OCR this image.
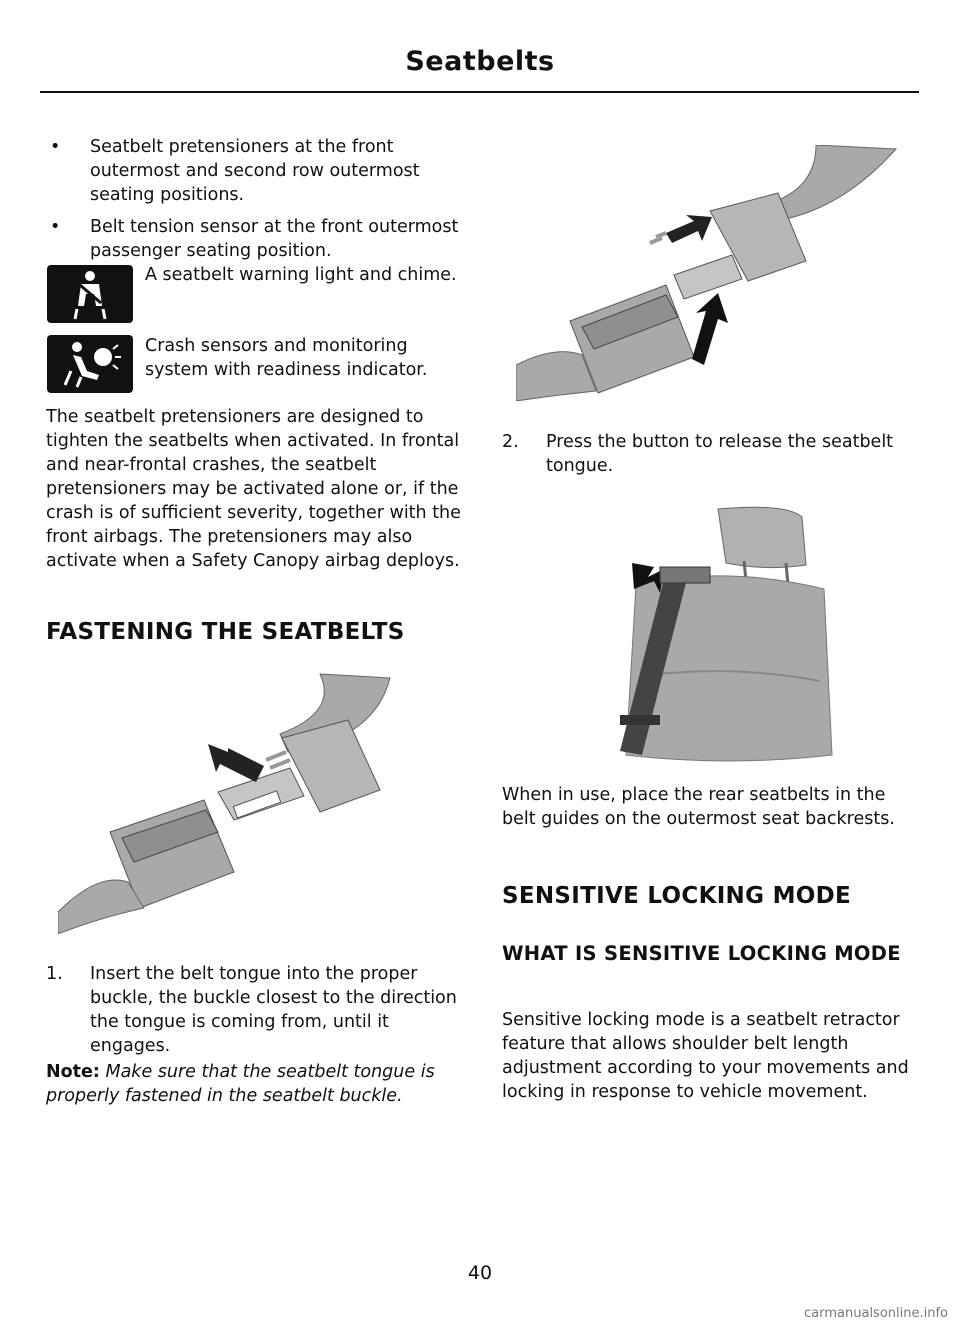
Seatbelts

• Seatbelt pretensioners at the front outermost and second row outermost seating positions.

• Belt tension sensor at the front outermost passenger seating position.

A seatbelt warning light and chime.
Crash sensors and monitoring system with readiness indicator.
The seatbelt pretensioners are designed to tighten the seatbelts when activated. In frontal and near-frontal crashes, the seatbelt pretensioners may be activated alone or, if the crash is of sufficient severity, together with the front airbags. The pretensioners may also activate when a Safety Canopy airbag deploys.
FASTENING THE SEATBELTS

1. Insert the belt tongue into the proper buckle, the buckle closest to the direction the tongue is coming from, until it engages.

Note: Make sure that the seatbelt tongue is properly fastened in the seatbelt buckle.

2. Press the button to release the seatbelt tongue.

When in use, place the rear seatbelts in the belt guides on the outermost seat backrests.
SENSITIVE LOCKING MODE
WHAT IS SENSITIVE LOCKING MODE
Sensitive locking mode is a seatbelt retractor feature that allows shoulder belt length adjustment according to your movements and locking in response to vehicle movement.
40
carmanualsonline.info
